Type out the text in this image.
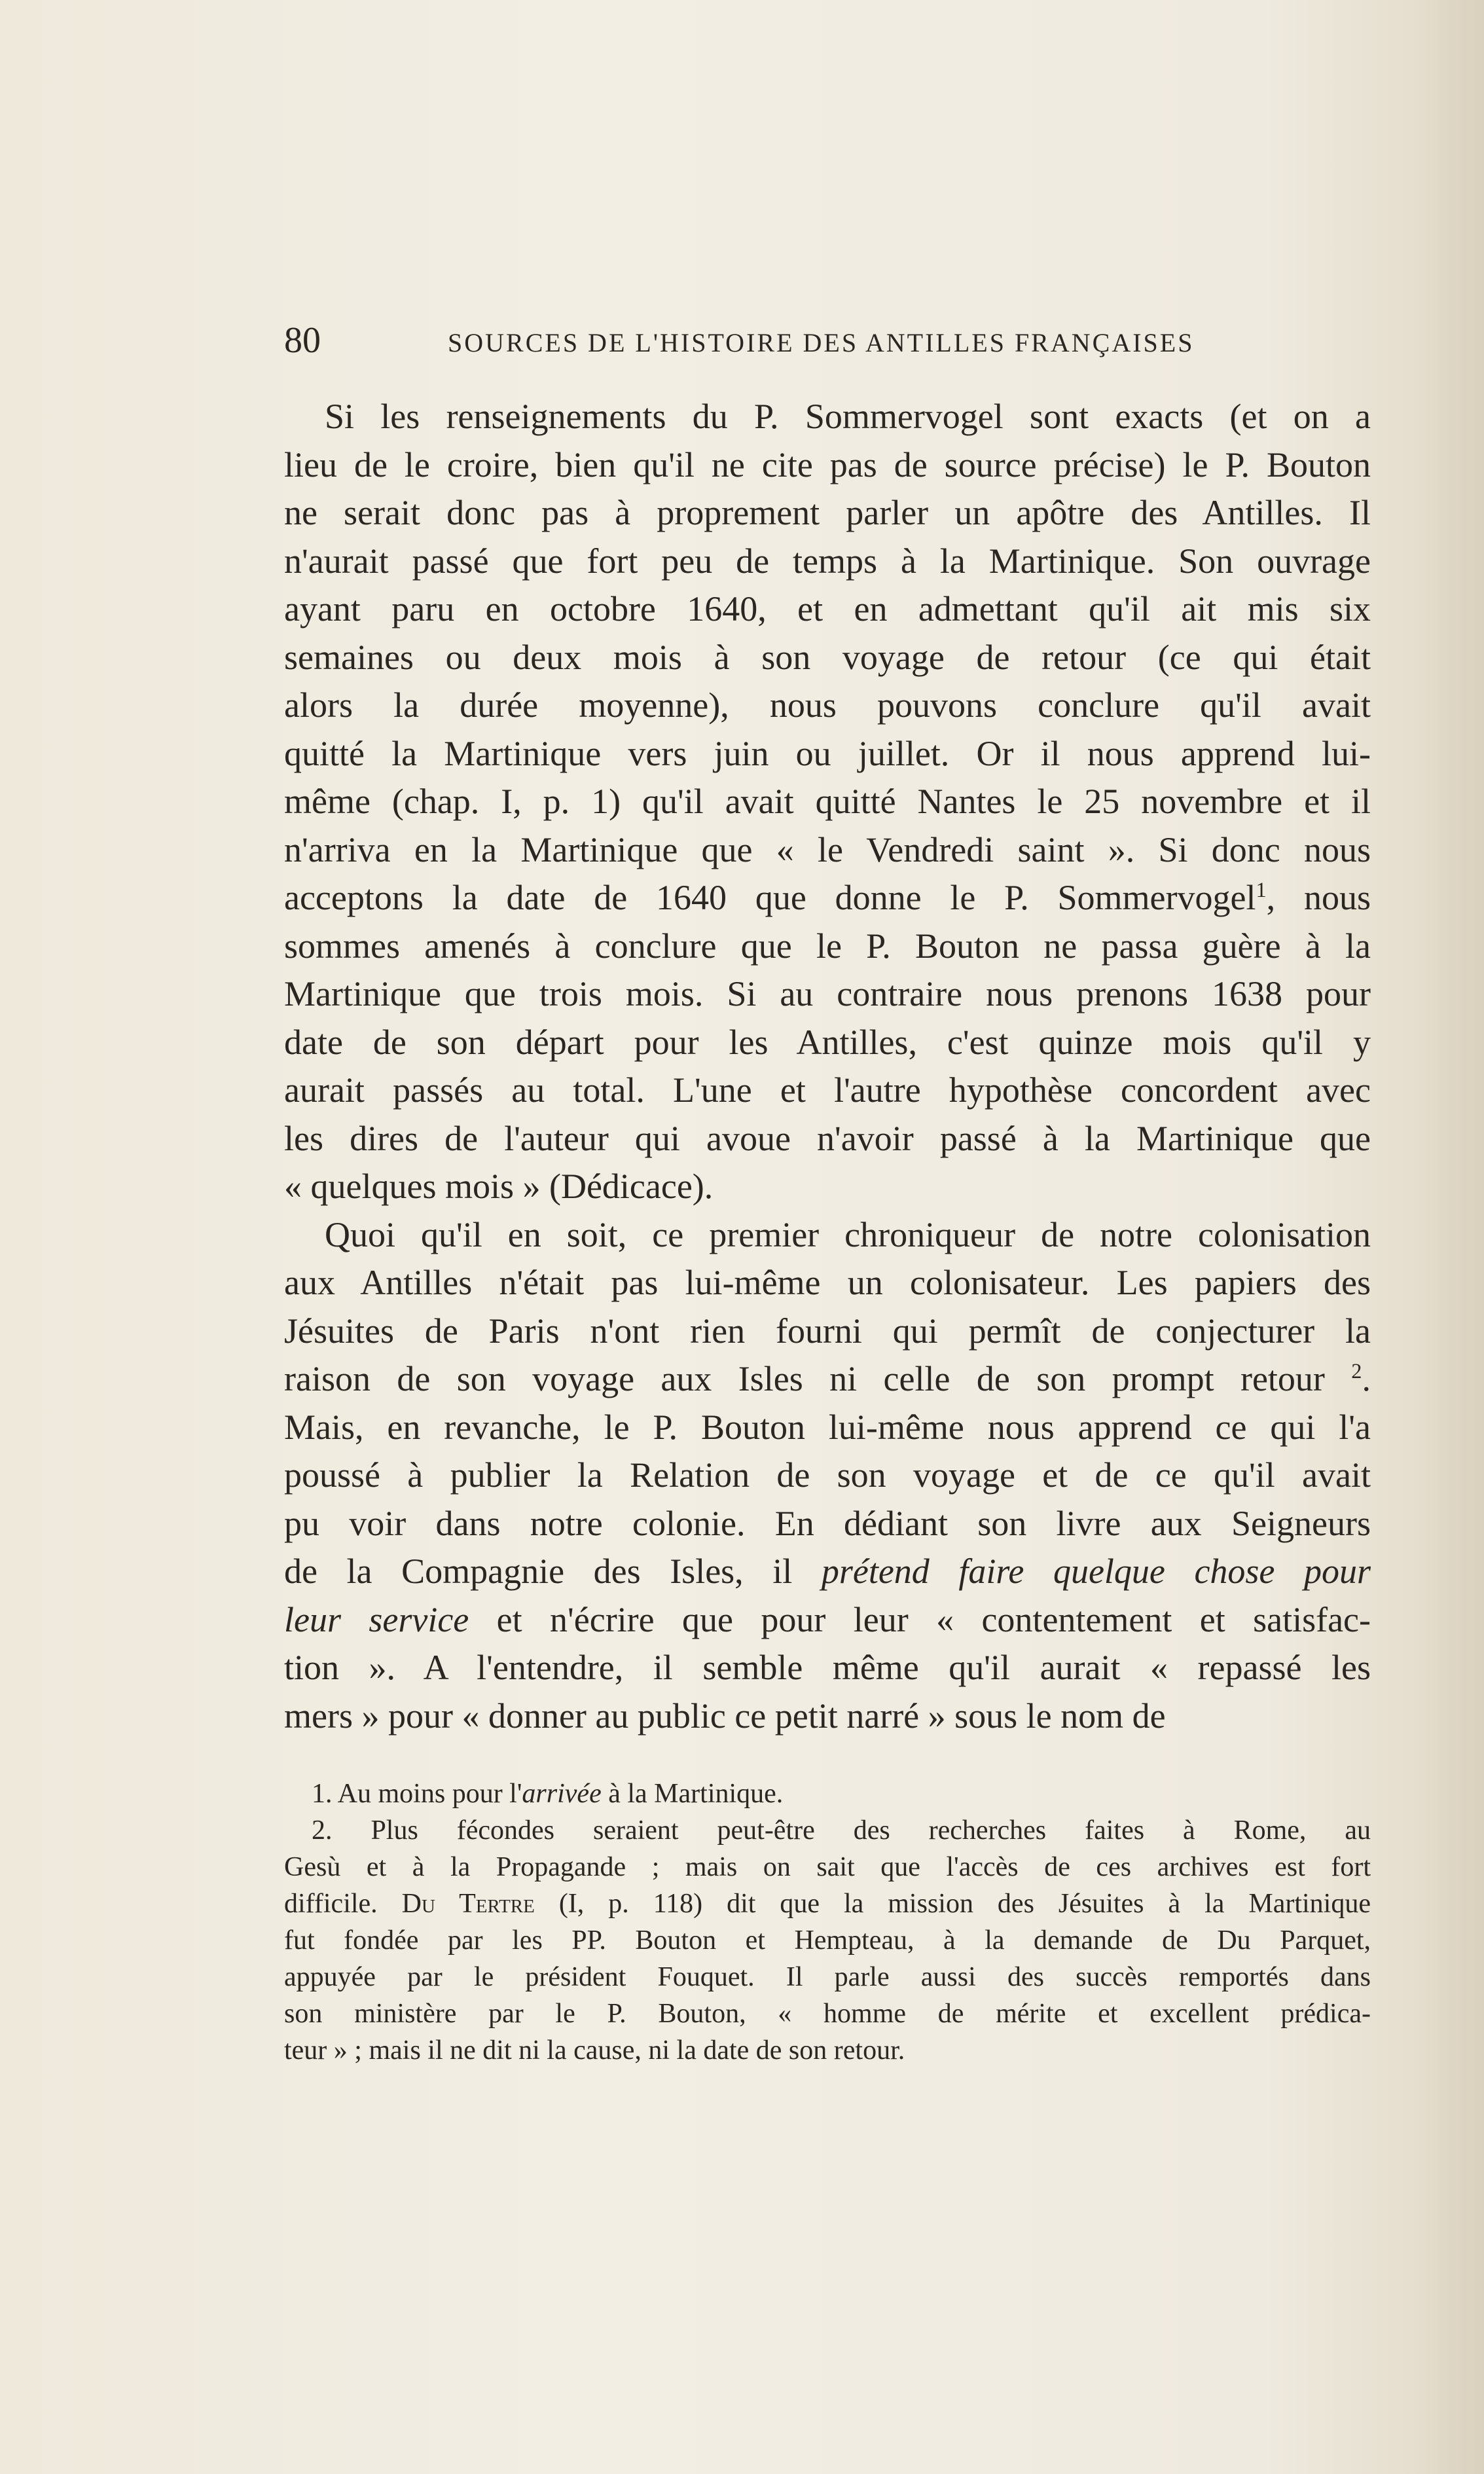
80	SOURCES DE L'HISTOIRE DES ANTILLES FRANÇAISES
Si les renseignements du P. Sommervogel sont exacts (et on a
lieu de le croire, bien qu'il ne cite pas de source précise) le P. Bouton
ne serait donc pas à proprement parler un apôtre des Antilles. Il
n'aurait passé que fort peu de temps à la Martinique. Son ouvrage
ayant paru en octobre 1640, et en admettant qu'il ait mis six
semaines ou deux mois à son voyage de retour (ce qui était
alors la durée moyenne), nous pouvons conclure qu'il avait
quitté la Martinique vers juin ou juillet. Or il nous apprend lui-
même (chap. I, p. 1) qu'il avait quitté Nantes le 25 novembre et il
n'arriva en la Martinique que « le Vendredi saint ». Si donc nous
acceptons la date de 1640 que donne le P. Sommervogel$^1$, nous
sommes amenés à conclure que le P. Bouton ne passa guère à la
Martinique que trois mois. Si au contraire nous prenons 1638 pour
date de son départ pour les Antilles, c'est quinze mois qu'il y
aurait passés au total. L'une et l'autre hypothèse concordent avec
les dires de l'auteur qui avoue n'avoir passé à la Martinique que
« quelques mois » (Dédicace).
Quoi qu'il en soit, ce premier chroniqueur de notre colonisation
aux Antilles n'était pas lui-même un colonisateur. Les papiers des
Jésuites de Paris n'ont rien fourni qui permît de conjecturer la
raison de son voyage aux Isles ni celle de son prompt retour $^2$.
Mais, en revanche, le P. Bouton lui-même nous apprend ce qui l'a
poussé à publier la Relation de son voyage et de ce qu'il avait
pu voir dans notre colonie. En dédiant son livre aux Seigneurs
de la Compagnie des Isles, il prétend faire quelque chose pour
leur service et n'écrire que pour leur « contentement et satisfac-
tion ». A l'entendre, il semble même qu'il aurait « repassé les
mers » pour « donner au public ce petit narré » sous le nom de
1. Au moins pour l'arrivée à la Martinique.
2. Plus fécondes seraient peut-être des recherches faites à Rome, au
Gesù et à la Propagande ; mais on sait que l'accès de ces archives est fort
difficile. Du Tertre (I, p. 118) dit que la mission des Jésuites à la Martinique
fut fondée par les PP. Bouton et Hempteau, à la demande de Du Parquet,
appuyée par le président Fouquet. Il parle aussi des succès remportés dans
son ministère par le P. Bouton, « homme de mérite et excellent prédica-
teur » ; mais il ne dit ni la cause, ni la date de son retour.
